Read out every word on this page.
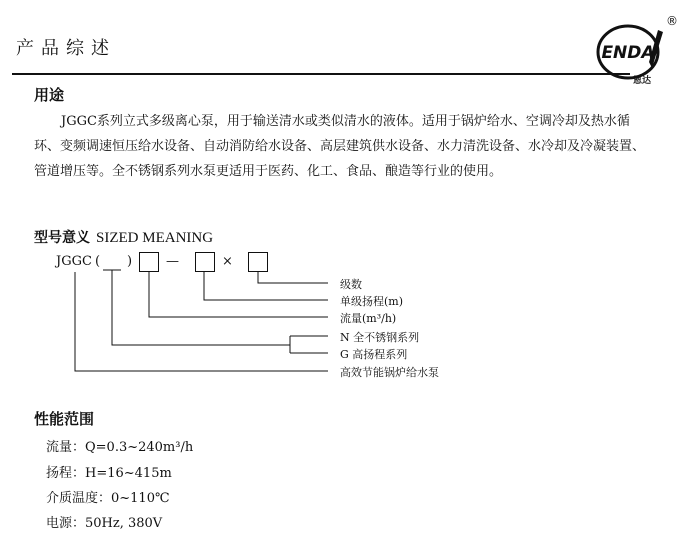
产品综述	ENDA
恩达
®
用途
JGGC系列立式多级离心泵，用于输送清水或类似清水的液体。适用于锅炉给水、空调冷却及热水循
环、变频调速恒压给水设备、自动消防给水设备、高层建筑供水设备、水力清洗设备、水冷却及冷凝装置、
管道增压等。全不锈钢系列水泵更适用于医药、化工、食品、酿造等行业的使用。
型号意义 SIZED MEANING
JGGC ( )	—	×
级数
单级扬程(m)
流量(m³/h)
N 全不锈钢系列
G 高扬程系列
高效节能锅炉给水泵
性能范围
流量：Q=0.3~240m³/h
扬程：H=16~415m
介质温度：0~110℃
电源：50Hz, 380V
